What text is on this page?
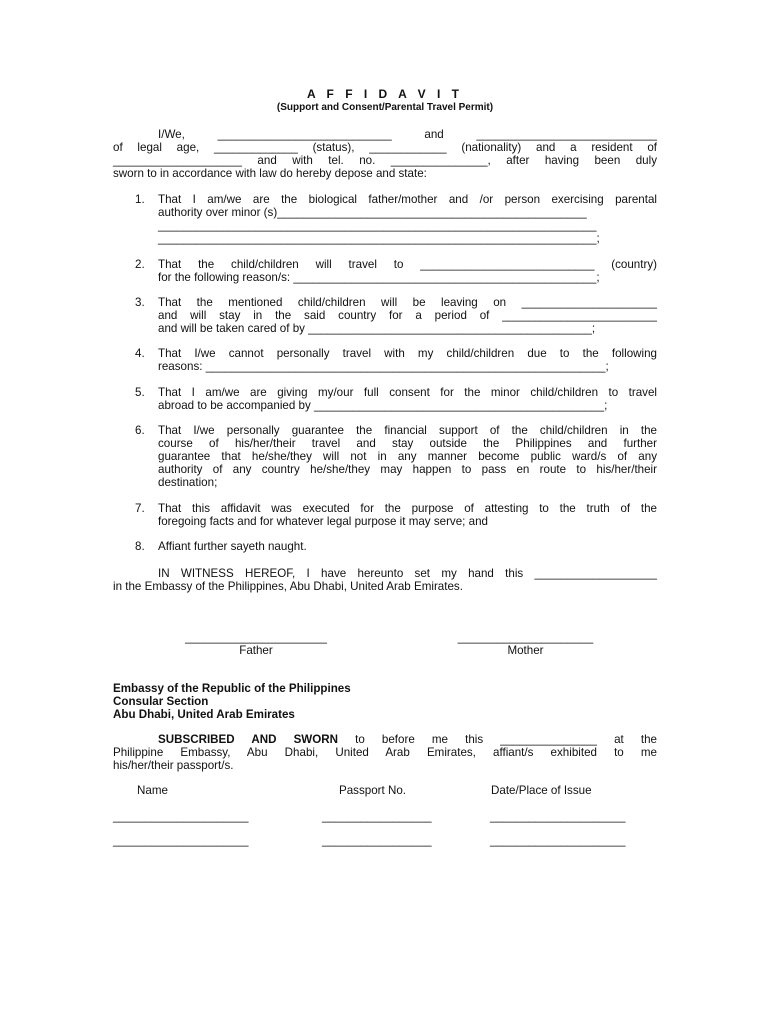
A F F I D A V I T
(Support and Consent/Parental Travel Permit)
I/We, ___________________________ and ____________________________
of legal age, _____________ (status), ____________ (nationality) and a resident of
____________________ and with tel. no. _______________, after having been duly
sworn to in accordance with law do hereby depose and state:
1.	That I am/we are the biological father/mother and /or person exercising parental
authority over minor (s)________________________________________________
____________________________________________________________________
____________________________________________________________________;
2.	That the child/children will travel to ___________________________ (country)
for the following reason/s: _______________________________________________;
3.	That the mentioned child/children will be leaving on _____________________
and will stay in the said country for a period of ________________________
and will be taken cared of by ____________________________________________;
4.	That I/we cannot personally travel with my child/children due to the following
reasons: ______________________________________________________________;
5.	That I am/we are giving my/our full consent for the minor child/children to travel
abroad to be accompanied by _____________________________________________;
6.	That I/we personally guarantee the financial support of the child/children in the
course of his/her/their travel and stay outside the Philippines and further
guarantee that he/she/they will not in any manner become public ward/s of any
authority of any country he/she/they may happen to pass en route to his/her/their
destination;
7.	That this affidavit was executed for the purpose of attesting to the truth of the
foregoing facts and for whatever legal purpose it may serve; and
8.	Affiant further sayeth naught.
IN WITNESS HEREOF, I have hereunto set my hand this ___________________
in the Embassy of the Philippines, Abu Dhabi, United Arab Emirates.
______________________
Father
_____________________
Mother
Embassy of the Republic of the Philippines
Consular Section
Abu Dhabi, United Arab Emirates
SUBSCRIBED AND SWORN to before me this _______________ at the
Philippine Embassy, Abu Dhabi, United Arab Emirates, affiant/s exhibited to me
his/her/their passport/s.
Name	Passport No.	Date/Place of Issue
_____________________	_________________	_____________________
_____________________	_________________	_____________________
